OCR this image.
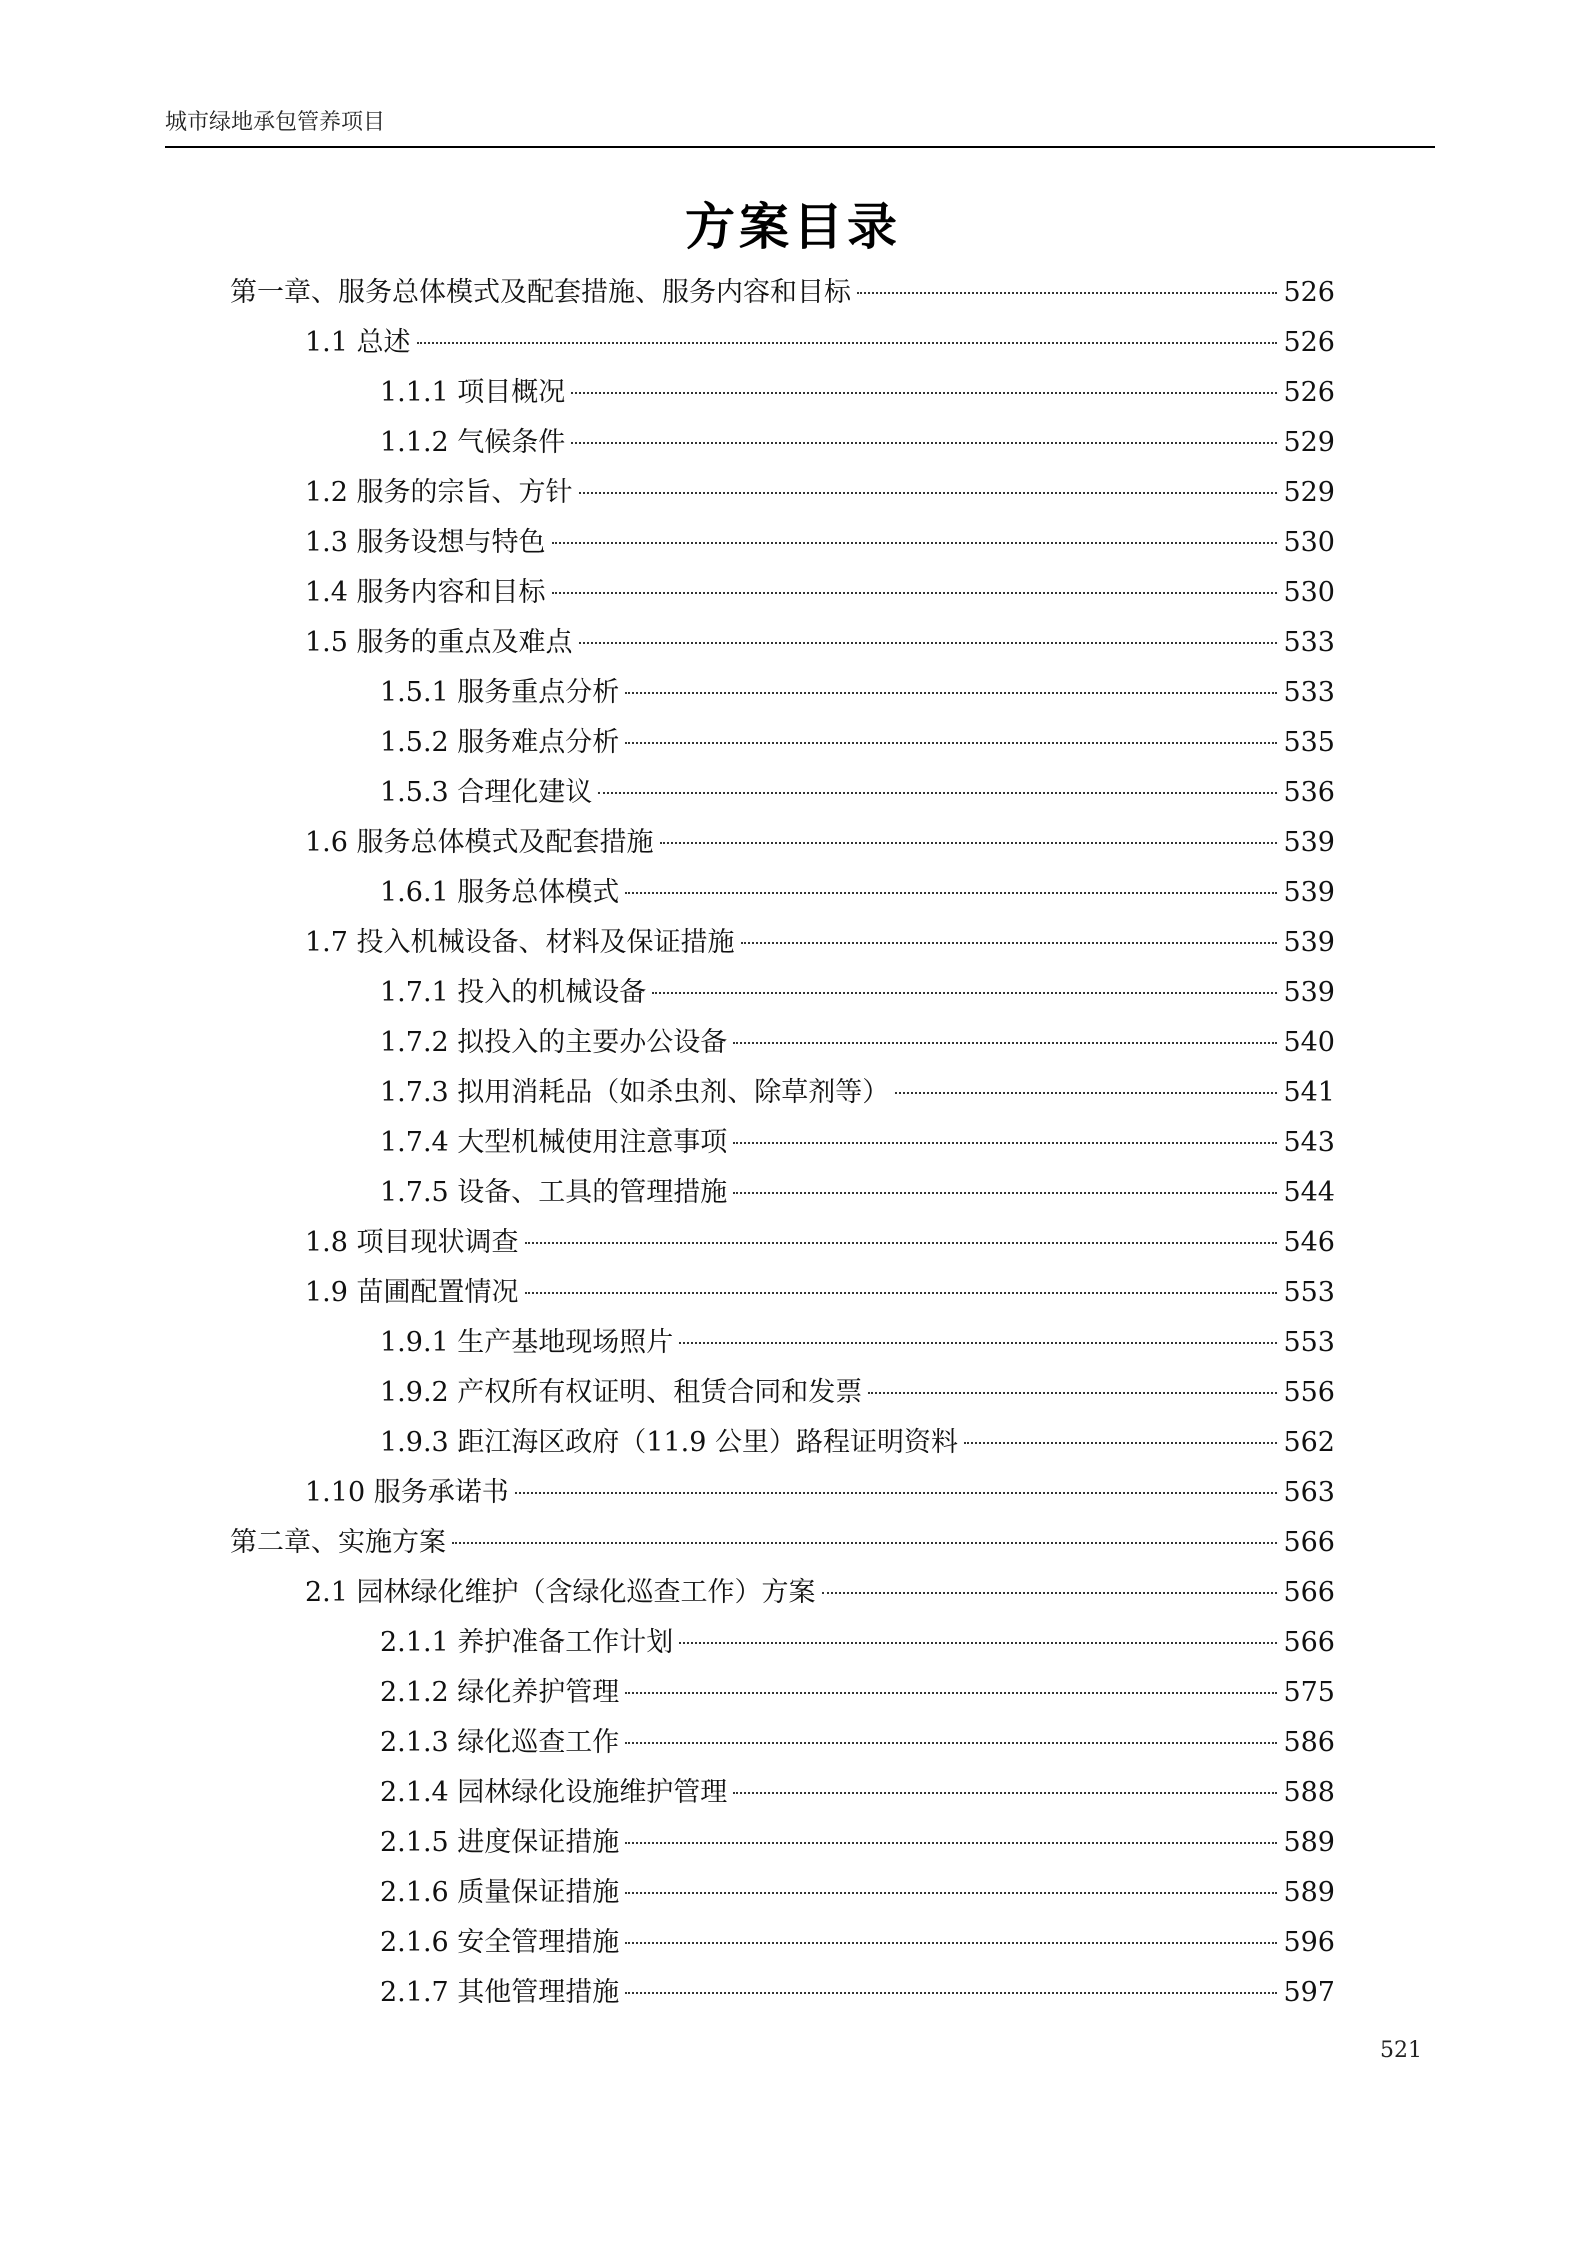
城市绿地承包管养项目
方案目录
第一章、服务总体模式及配套措施、服务内容和目标	526
1.1 总述	526
1.1.1 项目概况	526
1.1.2 气候条件	529
1.2 服务的宗旨、方针	529
1.3 服务设想与特色	530
1.4 服务内容和目标	530
1.5 服务的重点及难点	533
1.5.1 服务重点分析	533
1.5.2 服务难点分析	535
1.5.3 合理化建议	536
1.6 服务总体模式及配套措施	539
1.6.1 服务总体模式	539
1.7 投入机械设备、材料及保证措施	539
1.7.1 投入的机械设备	539
1.7.2 拟投入的主要办公设备	540
1.7.3 拟用消耗品（如杀虫剂、除草剂等）	541
1.7.4 大型机械使用注意事项	543
1.7.5 设备、工具的管理措施	544
1.8 项目现状调查	546
1.9 苗圃配置情况	553
1.9.1 生产基地现场照片	553
1.9.2 产权所有权证明、租赁合同和发票	556
1.9.3 距江海区政府（11.9 公里）路程证明资料	562
1.10 服务承诺书	563
第二章、实施方案	566
2.1 园林绿化维护（含绿化巡查工作）方案	566
2.1.1 养护准备工作计划	566
2.1.2 绿化养护管理	575
2.1.3 绿化巡查工作	586
2.1.4 园林绿化设施维护管理	588
2.1.5 进度保证措施	589
2.1.6 质量保证措施	589
2.1.6 安全管理措施	596
2.1.7 其他管理措施	597
521
